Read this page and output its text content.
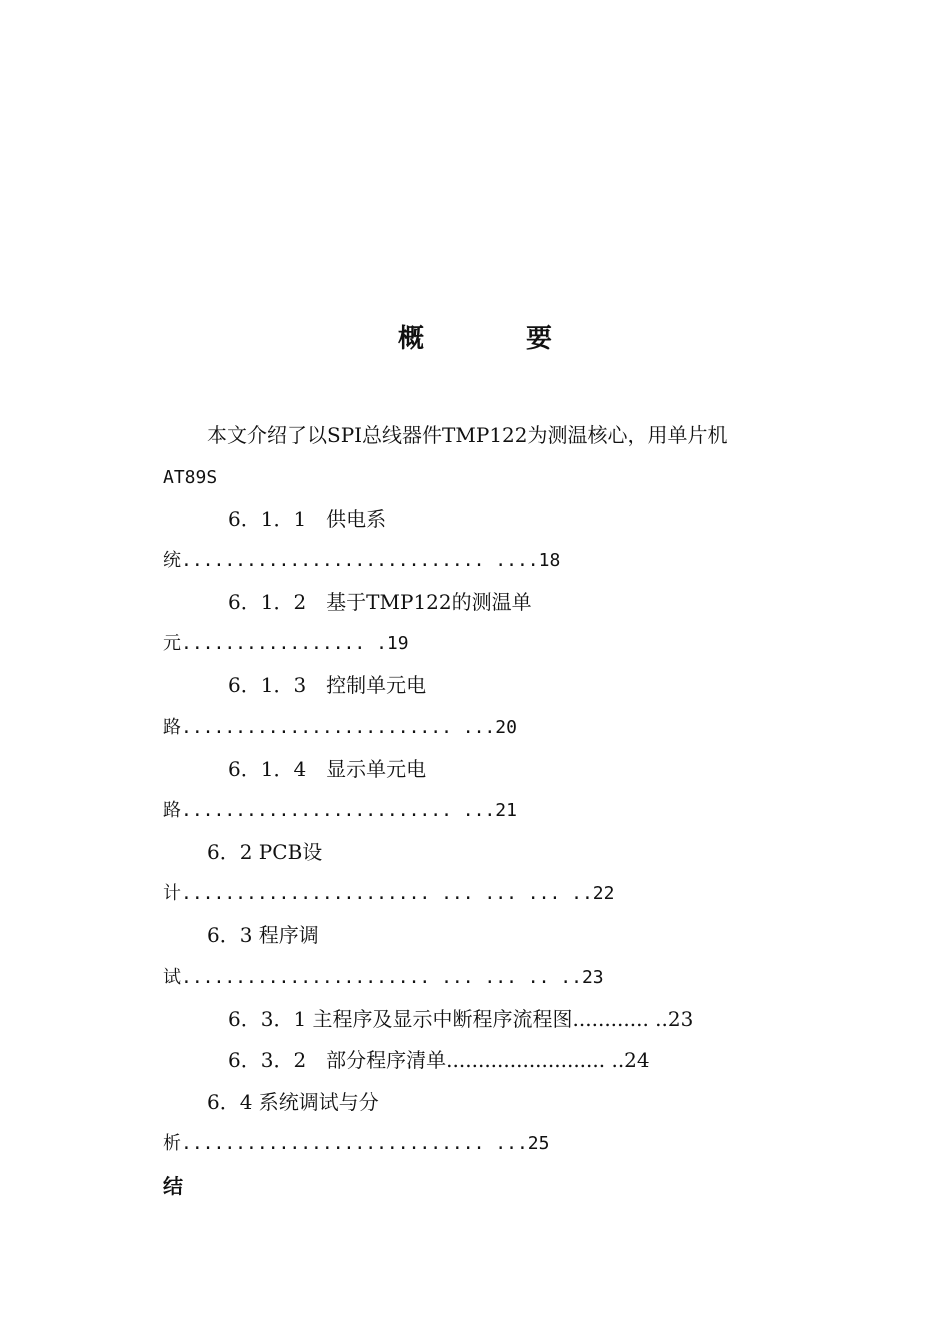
概　要
本文介绍了以SPI总线器件TMP122为测温核心，用单片机
AT89S
6．1．1　供电系
统............................ ....18
6．1．2　基于TMP122的测温单
元................. .19
6．1．3　控制单元电
路......................... ...20
6．1．4　显示单元电
路......................... ...21
6．2 PCB设
计....................... ... ... ... ..22
6．3 程序调
试....................... ... ... .. ..23
6．3．1 主程序及显示中断程序流程图............ ..23
6．3．2　部分程序清单......................... ..24
6．4 系统调试与分
析............................ ...25
结
